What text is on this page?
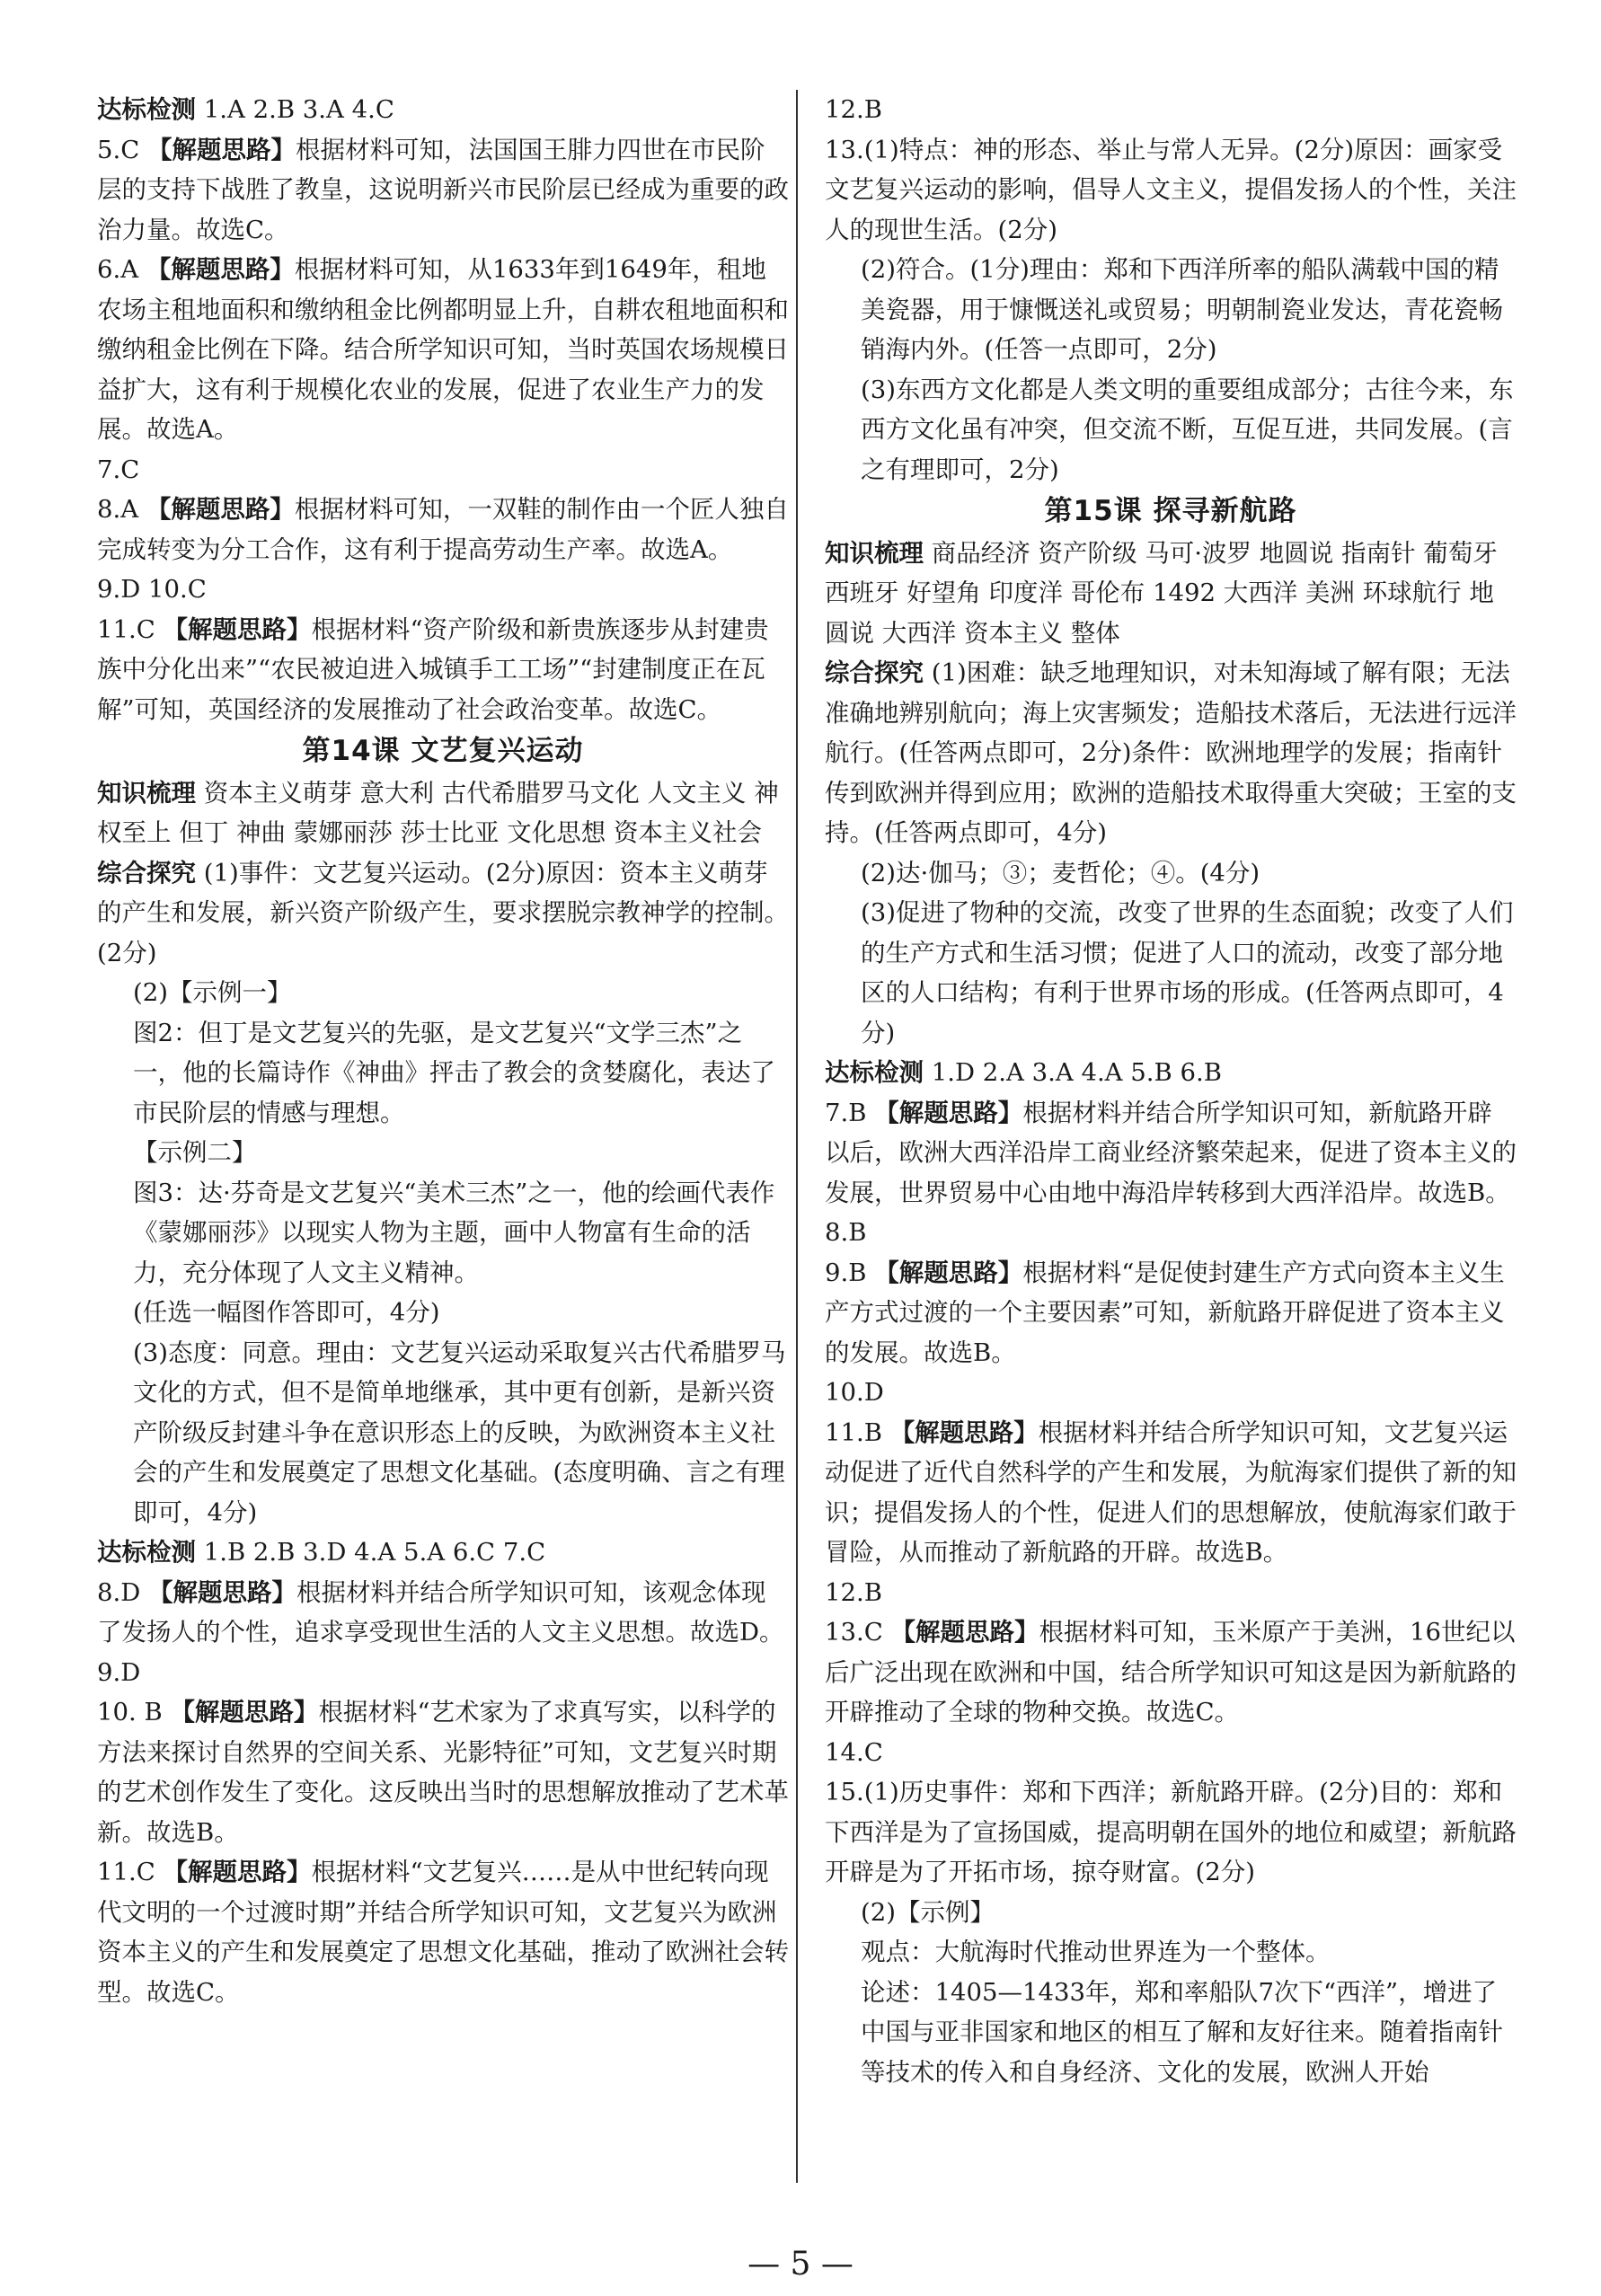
达标检测 1.A 2.B 3.A 4.C
5.C 【解题思路】根据材料可知，法国国王腓力四世在市民阶层的支持下战胜了教皇，这说明新兴市民阶层已经成为重要的政治力量。故选C。
6.A 【解题思路】根据材料可知，从1633年到1649年，租地农场主租地面积和缴纳租金比例都明显上升，自耕农租地面积和缴纳租金比例在下降。结合所学知识可知，当时英国农场规模日益扩大，这有利于规模化农业的发展，促进了农业生产力的发展。故选A。
7.C
8.A 【解题思路】根据材料可知，一双鞋的制作由一个匠人独自完成转变为分工合作，这有利于提高劳动生产率。故选A。
9.D 10.C
11.C 【解题思路】根据材料“资产阶级和新贵族逐步从封建贵族中分化出来”“农民被迫进入城镇手工工场”“封建制度正在瓦解”可知，英国经济的发展推动了社会政治变革。故选C。
第14课 文艺复兴运动
知识梳理 资本主义萌芽 意大利 古代希腊罗马文化 人文主义 神权至上 但丁 神曲 蒙娜丽莎 莎士比亚 文化思想 资本主义社会
综合探究 (1)事件：文艺复兴运动。(2分)原因：资本主义萌芽的产生和发展，新兴资产阶级产生，要求摆脱宗教神学的控制。(2分)
(2)【示例一】
图2：但丁是文艺复兴的先驱，是文艺复兴“文学三杰”之一，他的长篇诗作《神曲》抨击了教会的贪婪腐化，表达了市民阶层的情感与理想。
【示例二】
图3：达·芬奇是文艺复兴“美术三杰”之一，他的绘画代表作《蒙娜丽莎》以现实人物为主题，画中人物富有生命的活力，充分体现了人文主义精神。
(任选一幅图作答即可，4分)
(3)态度：同意。理由：文艺复兴运动采取复兴古代希腊罗马文化的方式，但不是简单地继承，其中更有创新，是新兴资产阶级反封建斗争在意识形态上的反映，为欧洲资本主义社会的产生和发展奠定了思想文化基础。(态度明确、言之有理即可，4分)
达标检测 1.B 2.B 3.D 4.A 5.A 6.C 7.C
8.D 【解题思路】根据材料并结合所学知识可知，该观念体现了发扬人的个性，追求享受现世生活的人文主义思想。故选D。
9.D
10. B 【解题思路】根据材料“艺术家为了求真写实，以科学的方法来探讨自然界的空间关系、光影特征”可知，文艺复兴时期的艺术创作发生了变化。这反映出当时的思想解放推动了艺术革新。故选B。
11.C 【解题思路】根据材料“文艺复兴……是从中世纪转向现代文明的一个过渡时期”并结合所学知识可知，文艺复兴为欧洲资本主义的产生和发展奠定了思想文化基础，推动了欧洲社会转型。故选C。
12.B
13.(1)特点：神的形态、举止与常人无异。(2分)原因：画家受文艺复兴运动的影响，倡导人文主义，提倡发扬人的个性，关注人的现世生活。(2分)
(2)符合。(1分)理由：郑和下西洋所率的船队满载中国的精美瓷器，用于慷慨送礼或贸易；明朝制瓷业发达，青花瓷畅销海内外。(任答一点即可，2分)
(3)东西方文化都是人类文明的重要组成部分；古往今来，东西方文化虽有冲突，但交流不断，互促互进，共同发展。(言之有理即可，2分)
第15课 探寻新航路
知识梳理 商品经济 资产阶级 马可·波罗 地圆说 指南针 葡萄牙 西班牙 好望角 印度洋 哥伦布 1492 大西洋 美洲 环球航行 地圆说 大西洋 资本主义 整体
综合探究 (1)困难：缺乏地理知识，对未知海域了解有限；无法准确地辨别航向；海上灾害频发；造船技术落后，无法进行远洋航行。(任答两点即可，2分)条件：欧洲地理学的发展；指南针传到欧洲并得到应用；欧洲的造船技术取得重大突破；王室的支持。(任答两点即可，4分)
(2)达·伽马；③；麦哲伦；④。(4分)
(3)促进了物种的交流，改变了世界的生态面貌；改变了人们的生产方式和生活习惯；促进了人口的流动，改变了部分地区的人口结构；有利于世界市场的形成。(任答两点即可，4分)
达标检测 1.D 2.A 3.A 4.A 5.B 6.B
7.B 【解题思路】根据材料并结合所学知识可知，新航路开辟以后，欧洲大西洋沿岸工商业经济繁荣起来，促进了资本主义的发展，世界贸易中心由地中海沿岸转移到大西洋沿岸。故选B。
8.B
9.B 【解题思路】根据材料“是促使封建生产方式向资本主义生产方式过渡的一个主要因素”可知，新航路开辟促进了资本主义的发展。故选B。
10.D
11.B 【解题思路】根据材料并结合所学知识可知，文艺复兴运动促进了近代自然科学的产生和发展，为航海家们提供了新的知识；提倡发扬人的个性，促进人们的思想解放，使航海家们敢于冒险，从而推动了新航路的开辟。故选B。
12.B
13.C 【解题思路】根据材料可知，玉米原产于美洲，16世纪以后广泛出现在欧洲和中国，结合所学知识可知这是因为新航路的开辟推动了全球的物种交换。故选C。
14.C
15.(1)历史事件：郑和下西洋；新航路开辟。(2分)目的：郑和下西洋是为了宣扬国威，提高明朝在国外的地位和威望；新航路开辟是为了开拓市场，掠夺财富。(2分)
(2)【示例】
观点：大航海时代推动世界连为一个整体。
论述：1405—1433年，郑和率船队7次下“西洋”，增进了中国与亚非国家和地区的相互了解和友好往来。随着指南针等技术的传入和自身经济、文化的发展，欧洲人开始
— 5 —
